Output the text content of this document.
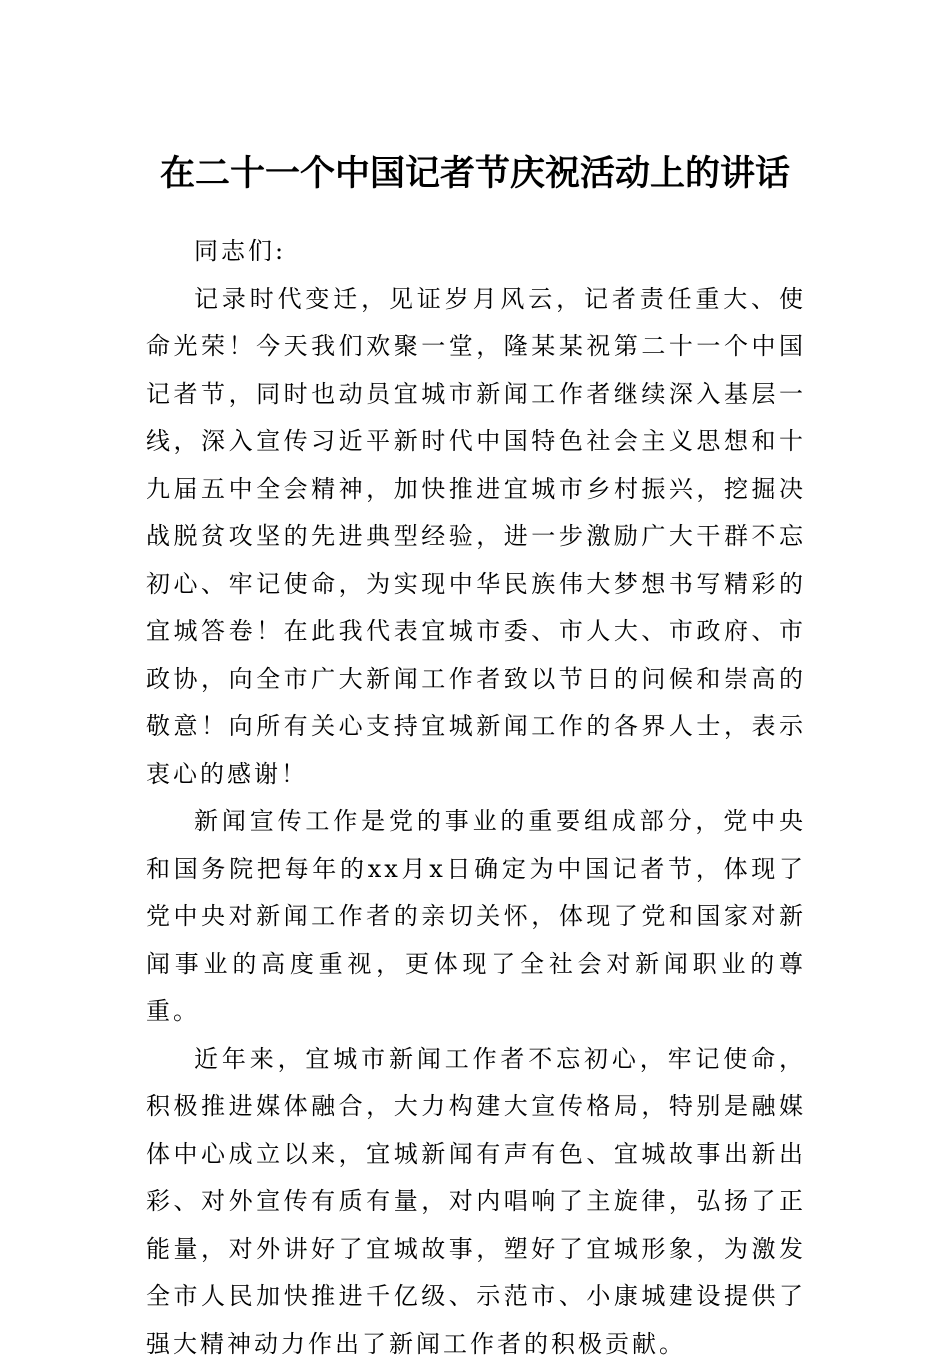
在二十一个中国记者节庆祝活动上的讲话

同志们:

记录时代变迁，见证岁月风云，记者责任重大、使命光荣！今天我们欢聚一堂，隆某某祝第二十一个中国记者节，同时也动员宜城市新闻工作者继续深入基层一线，深入宣传习近平新时代中国特色社会主义思想和十九届五中全会精神，加快推进宜城市乡村振兴，挖掘决战脱贫攻坚的先进典型经验，进一步激励广大干群不忘初心、牢记使命，为实现中华民族伟大梦想书写精彩的宜城答卷！在此我代表宜城市委、市人大、市政府、市政协，向全市广大新闻工作者致以节日的问候和崇高的敬意！向所有关心支持宜城新闻工作的各界人士，表示衷心的感谢！

新闻宣传工作是党的事业的重要组成部分，党中央和国务院把每年的xx月x日确定为中国记者节，体现了党中央对新闻工作者的亲切关怀，体现了党和国家对新闻事业的高度重视，更体现了全社会对新闻职业的尊重。

近年来，宜城市新闻工作者不忘初心，牢记使命，积极推进媒体融合，大力构建大宣传格局，特别是融媒体中心成立以来，宜城新闻有声有色、宜城故事出新出彩、对外宣传有质有量，对内唱响了主旋律，弘扬了正能量，对外讲好了宜城故事，塑好了宜城形象，为激发全市人民加快推进千亿级、示范市、小康城建设提供了强大精神动力作出了新闻工作者的积极贡献。
